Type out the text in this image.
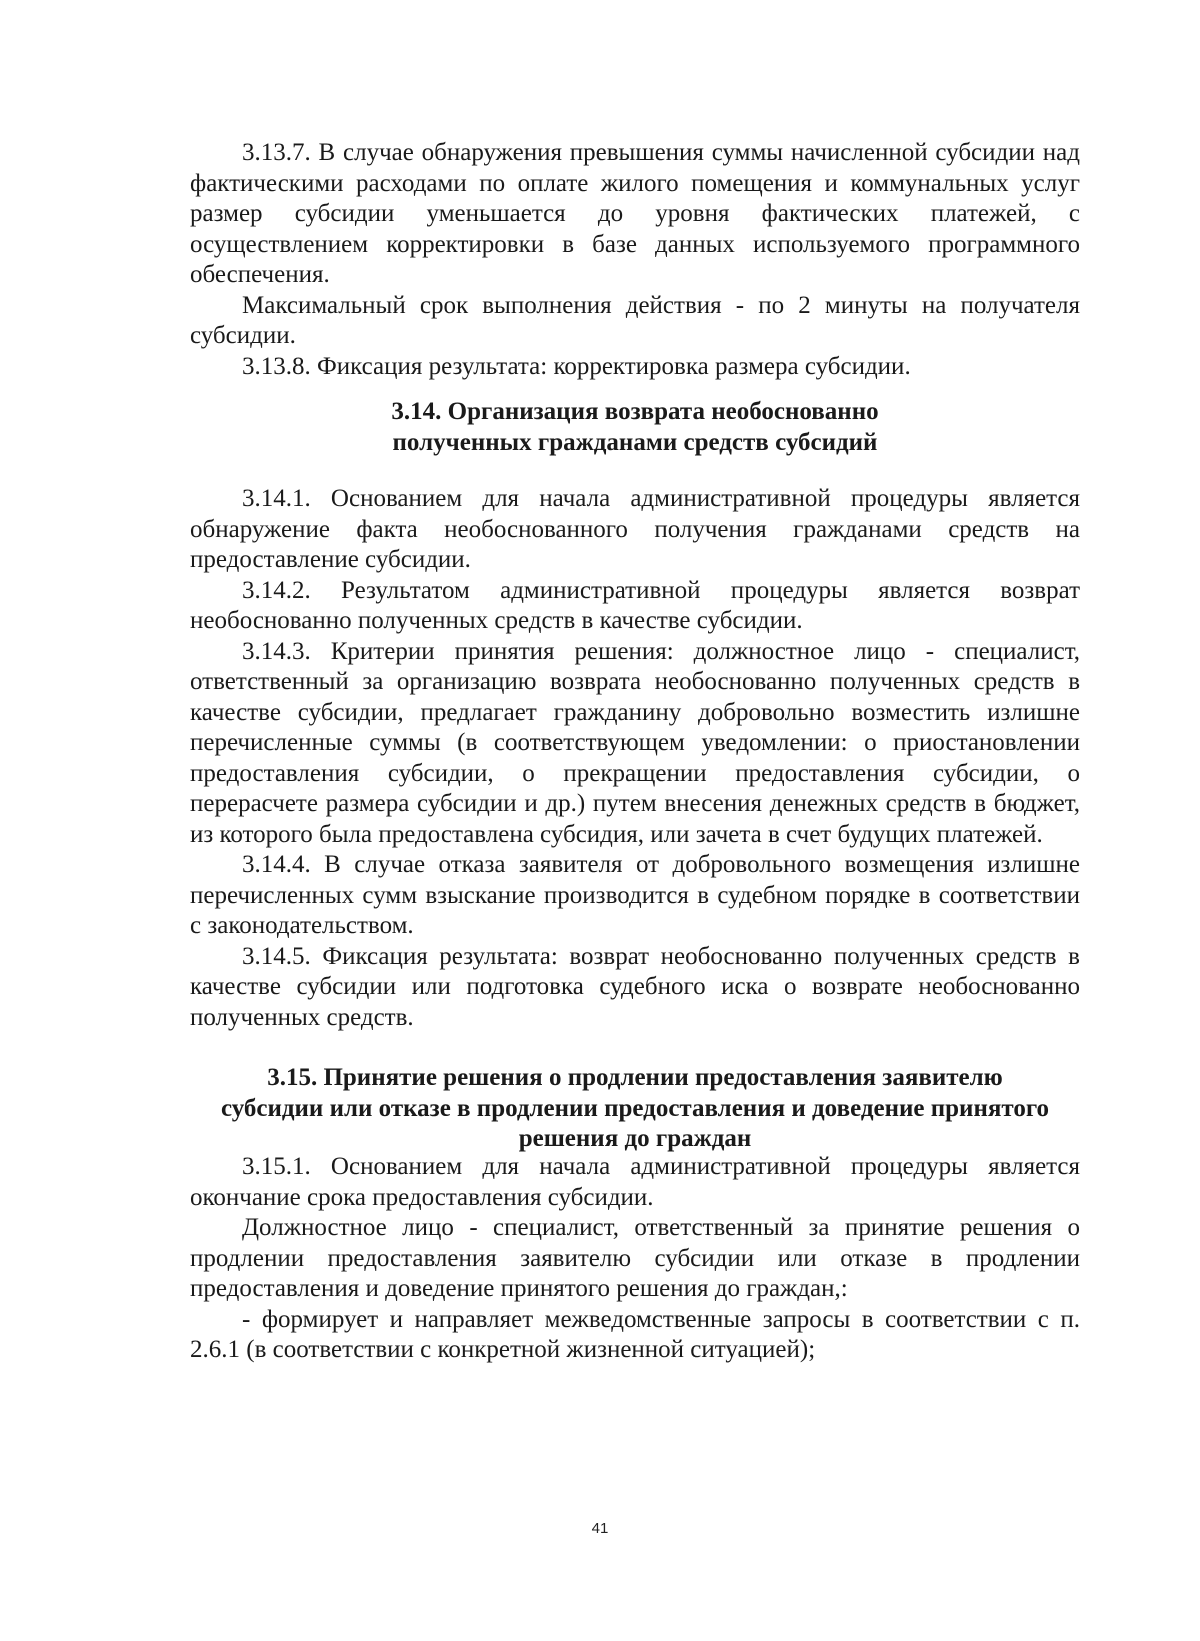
3.13.7. В случае обнаружения превышения суммы начисленной субсидии над фактическими расходами по оплате жилого помещения и коммунальных услуг размер субсидии уменьшается до уровня фактических платежей, с осуществлением корректировки в базе данных используемого программного обеспечения.

Максимальный срок выполнения действия - по 2 минуты на получателя субсидии.

3.13.8. Фиксация результата: корректировка размера субсидии.

3.14. Организация возврата необоснованно
полученных гражданами средств субсидий

3.14.1. Основанием для начала административной процедуры является обнаружение факта необоснованного получения гражданами средств на предоставление субсидии.

3.14.2. Результатом административной процедуры является возврат необоснованно полученных средств в качестве субсидии.

3.14.3. Критерии принятия решения: должностное лицо - специалист, ответственный за организацию возврата необоснованно полученных средств в качестве субсидии, предлагает гражданину добровольно возместить излишне перечисленные суммы (в соответствующем уведомлении: о приостановлении предоставления субсидии, о прекращении предоставления субсидии, о перерасчете размера субсидии и др.) путем внесения денежных средств в бюджет, из которого была предоставлена субсидия, или зачета в счет будущих платежей.

3.14.4. В случае отказа заявителя от добровольного возмещения излишне перечисленных сумм взыскание производится в судебном порядке в соответствии с законодательством.

3.14.5. Фиксация результата: возврат необоснованно полученных средств в качестве субсидии или подготовка судебного иска о возврате необоснованно полученных средств.

3.15. Принятие решения о продлении предоставления заявителю
субсидии или отказе в продлении предоставления и доведение принятого
решения до граждан

3.15.1. Основанием для начала административной процедуры является окончание срока предоставления субсидии.

Должностное лицо - специалист, ответственный за принятие решения о продлении предоставления заявителю субсидии или отказе в продлении предоставления и доведение принятого решения до граждан,:

- формирует и направляет межведомственные запросы в соответствии с п. 2.6.1 (в соответствии с конкретной жизненной ситуацией);

41
